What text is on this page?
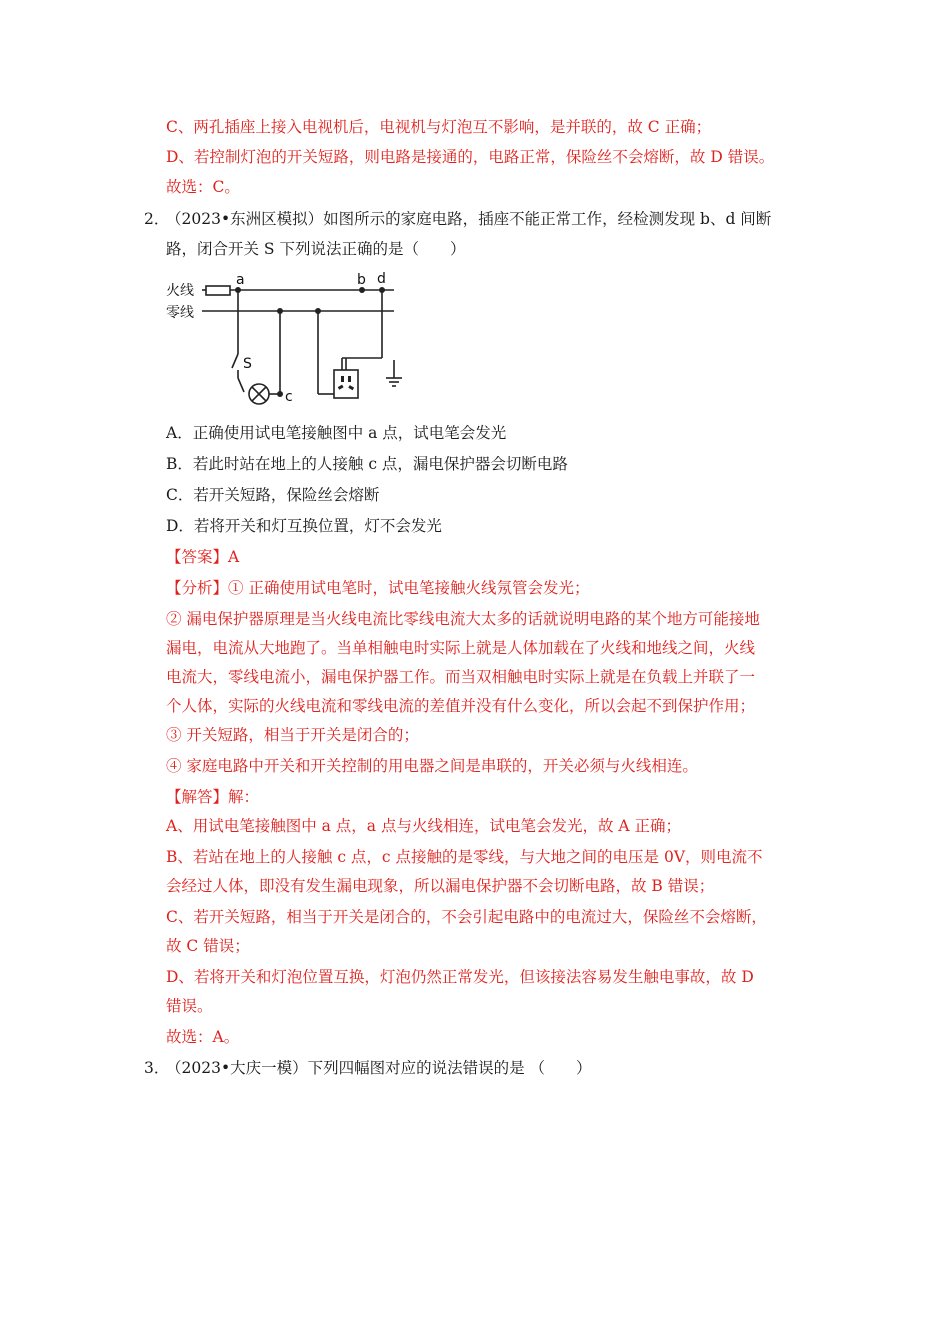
C、两孔插座上接入电视机后，电视机与灯泡互不影响，是并联的，故 C 正确；
D、若控制灯泡的开关短路，则电路是接通的，电路正常，保险丝不会熔断，故 D 错误。
故选：C。
2．
（2023•东洲区模拟）如图所示的家庭电路，插座不能正常工作，经检测发现 b、d 间断
路，闭合开关 S 下列说法正确的是（　　）
火线
零线
a	b d
c
S
A．正确使用试电笔接触图中 a 点，试电笔会发光
B．若此时站在地上的人接触 c 点，漏电保护器会切断电路
C．若开关短路，保险丝会熔断
D．若将开关和灯互换位置，灯不会发光
【答案】A
【分析】① 正确使用试电笔时，试电笔接触火线氖管会发光；
② 漏电保护器原理是当火线电流比零线电流大太多的话就说明电路的某个地方可能接地
漏电，电流从大地跑了。当单相触电时实际上就是人体加载在了火线和地线之间，火线
电流大，零线电流小，漏电保护器工作。而当双相触电时实际上就是在负载上并联了一
个人体，实际的火线电流和零线电流的差值并没有什么变化，所以会起不到保护作用；
③ 开关短路，相当于开关是闭合的；
④ 家庭电路中开关和开关控制的用电器之间是串联的，开关必须与火线相连。
【解答】解：
A、用试电笔接触图中 a 点，a 点与火线相连，试电笔会发光，故 A 正确；
B、若站在地上的人接触 c 点，c 点接触的是零线，与大地之间的电压是 0V，则电流不
会经过人体，即没有发生漏电现象，所以漏电保护器不会切断电路，故 B 错误；
C、若开关短路，相当于开关是闭合的，不会引起电路中的电流过大，保险丝不会熔断，
故 C 错误；
D、若将开关和灯泡位置互换，灯泡仍然正常发光，但该接法容易发生触电事故，故 D
错误。
故选：A。
3．
（2023•大庆一模）下列四幅图对应的说法错误的是 （　　）
